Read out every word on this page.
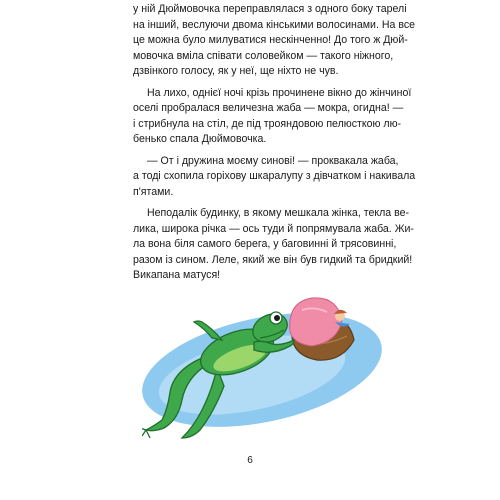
у ній Дюймовочка переправлялася з одного боку тарелі
на інший, веслуючи двома кінськими волосинами. На все
це можна було милуватися нескінченно! До того ж Дюй-
мовочка вміла співати соловейком — такого ніжного,
дзвінкого голосу, як у неї, ще ніхто не чув.

На лихо, однієї ночі крізь прочинене вікно до жінчиної
оселі пробралася величезна жаба — мокра, огидна! —
і стрибнула на стіл, де під трояндовою пелюсткою лю-
бенько спала Дюймовочка.

— От і дружина моєму синові! — проквакала жаба,
а тоді схопила горіхову шкаралупу з дівчатком і накивала
п'ятами.

Неподалік будинку, в якому мешкала жінка, текла ве-
лика, широка річка — ось туди й попрямувала жаба. Жи-
ла вона біля самого берега, у баговинні й трясовинні,
разом із сином. Леле, який же він був гидкий та бридкий!
Викапана матуся!

6
